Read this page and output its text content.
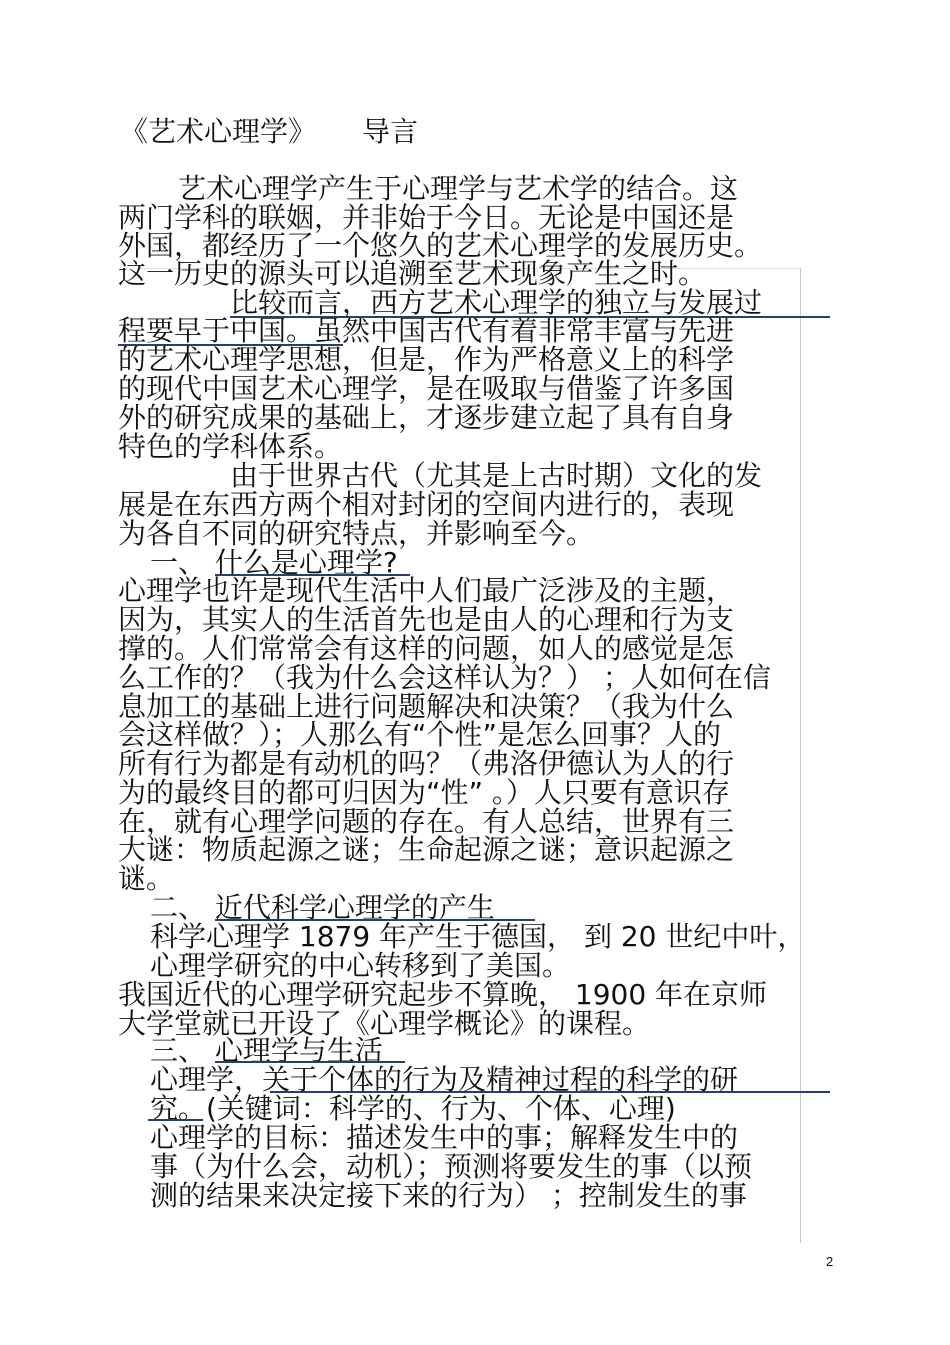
《艺术心理学》 导言
艺术心理学产生于心理学与艺术学的结合。这
两门学科的联姻，并非始于今日。无论是中国还是
外国，都经历了一个悠久的艺术心理学的发展历史。
这一历史的源头可以追溯至艺术现象产生之时。
比较而言，西方艺术心理学的独立与发展过
程要早于中国。虽然中国古代有着非常丰富与先进
的艺术心理学思想，但是，作为严格意义上的科学
的现代中国艺术心理学，是在吸取与借鉴了许多国
外的研究成果的基础上，才逐步建立起了具有自身
特色的学科体系。
由于世界古代（尤其是上古时期）文化的发
展是在东西方两个相对封闭的空间内进行的，表现
为各自不同的研究特点，并影响至今。
一、 什么是心理学?
心理学也许是现代生活中人们最广泛涉及的主题，
因为，其实人的生活首先也是由人的心理和行为支
撑的。人们常常会有这样的问题，如人的感觉是怎
么工作的？（我为什么会这样认为？） ；人如何在信
息加工的基础上进行问题解决和决策？（我为什么
会这样做？）；人那么有“个性”是怎么回事？人的
所有行为都是有动机的吗？（弗洛伊德认为人的行
为的最终目的都可归因为“性” 。）人只要有意识存
在，就有心理学问题的存在。有人总结，世界有三
大谜：物质起源之谜；生命起源之谜；意识起源之
谜。
二、 近代科学心理学的产生
科学心理学 1879 年产生于德国， 到 20 世纪中叶，
心理学研究的中心转移到了美国。
我国近代的心理学研究起步不算晚， 1900 年在京师
大学堂就已开设了《心理学概论》的课程。
三、 心理学与生活
心理学，关于个体的行为及精神过程的科学的研
究。(关键词：科学的、行为、个体、心理)
心理学的目标：描述发生中的事；解释发生中的
事（为什么会，动机）；预测将要发生的事（以预
测的结果来决定接下来的行为） ；控制发生的事
2
